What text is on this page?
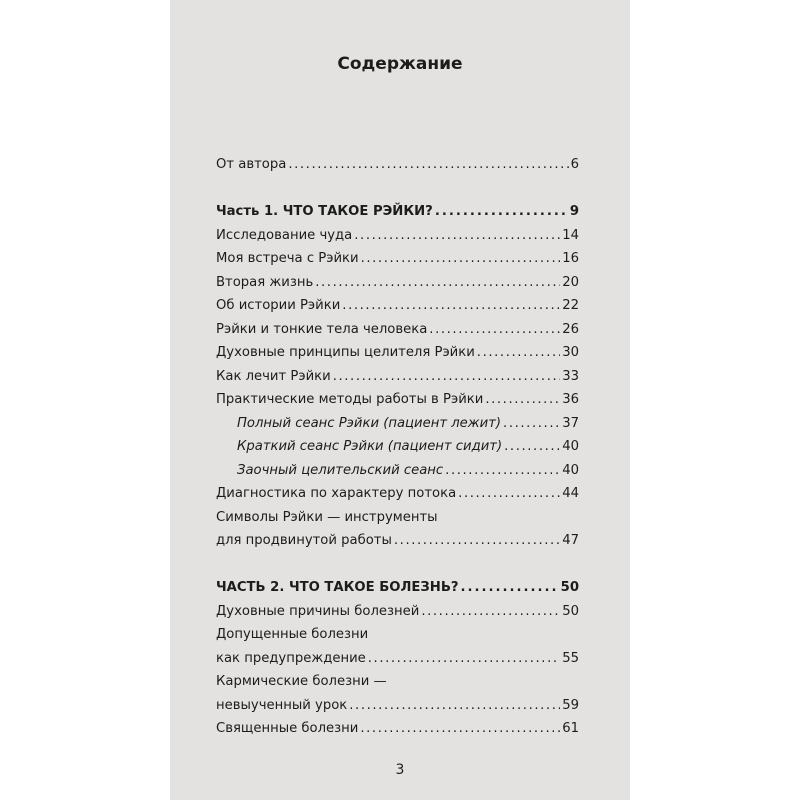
Содержание
От автора . . .	6
Часть 1. ЧТО ТАКОЕ РЭЙКИ? . . .	9
Исследование чуда . . .	14
Моя встреча с Рэйки . . .	16
Вторая жизнь . . .	20
Об истории Рэйки . . .	22
Рэйки и тонкие тела человека . . .	26
Духовные принципы целителя Рэйки . . .	30
Как лечит Рэйки . . .	33
Практические методы работы в Рэйки . . .	36
Полный сеанс Рэйки (пациент лежит) . . .	37
Краткий сеанс Рэйки (пациент сидит) . . .	40
Заочный целительский сеанс . . .	40
Диагностика по характеру потока . . .	44
Символы Рэйки — инструменты
для продвинутой работы . . .	47
ЧАСТЬ 2. ЧТО ТАКОЕ БОЛЕЗНЬ? . . .	50
Духовные причины болезней . . .	50
Допущенные болезни
как предупреждение . . .	55
Кармические болезни —
невыученный урок . . .	59
Священные болезни . . .	61
3
